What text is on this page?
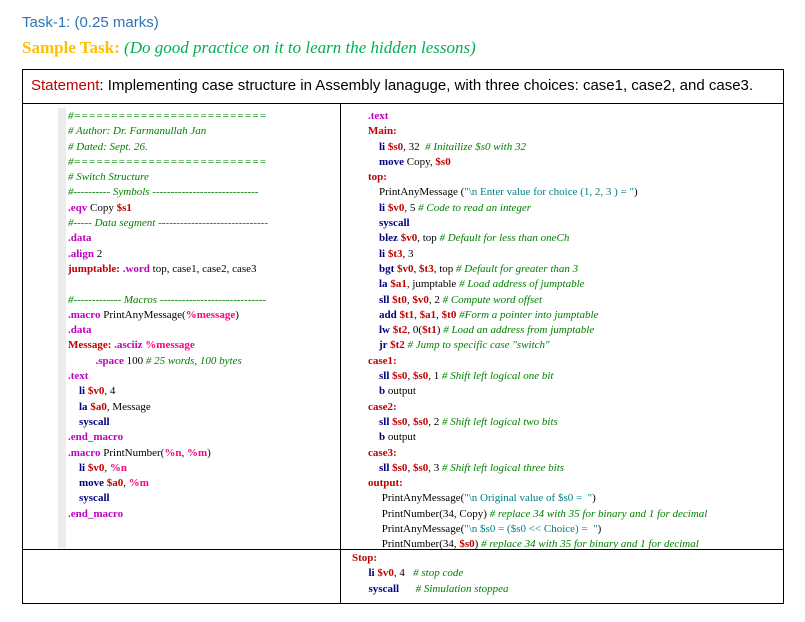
Task-1: (0.25 marks)
Sample Task: (Do good practice on it to learn the hidden lessons)
Statement: Implementing case structure in Assembly lanaguge, with three choices: case1, case2, and case3.
#==========================
# Author: Dr. Farmanullah Jan
# Dated: Sept. 26.
#==========================
# Switch Structure
#---------- Symbols -----------------------------
.eqv Copy $s1
#----- Data segment ------------------------------
.data
.align 2
jumptable: .word top, case1, case2, case3
#------------- Macros -----------------------------
.macro PrintAnyMessage(%message)
.data
Message: .asciiz %message
.space 100 # 25 words, 100 bytes
.text
li $v0, 4
la $a0, Message
syscall
.end_macro
.macro PrintNumber(%n, %m)
li $v0, %n
move $a0, %m
syscall
.end_macro
.text
Main:
li $s0, 32  # Initailize $s0 with 32
move Copy, $s0
top:
PrintAnyMessage ("\n Enter value for choice (1, 2, 3 ) = ")
li $v0, 5 # Code to read an integer
syscall
blez $v0, top # Default for less than oneCh
li $t3, 3
bgt $v0, $t3, top # Default for greater than 3
la $a1, jumptable # Load address of jumptable
sll $t0, $v0, 2 # Compute word offset
add $t1, $a1, $t0 #Form a pointer into jumptable
lw $t2, 0($t1) # Load an address from jumptable
jr $t2 # Jump to specific case "switch"
case1:
sll $s0, $s0, 1 # Shift left logical one bit
b output
case2:
sll $s0, $s0, 2 # Shift left logical two bits
b output
case3:
sll $s0, $s0, 3 # Shift left logical three bits
output:
PrintAnyMessage("\n Original value of $s0 =  ")
PrintNumber(34, Copy) # replace 34 with 35 for binary and 1 for decimal
PrintAnyMessage("\n $s0 = ($s0 << Choice) =  ")
PrintNumber(34, $s0) # replace 34 with 35 for binary and 1 for decimal
Stop:
li $v0, 4   # stop code
syscall      # Simulation stoppea
